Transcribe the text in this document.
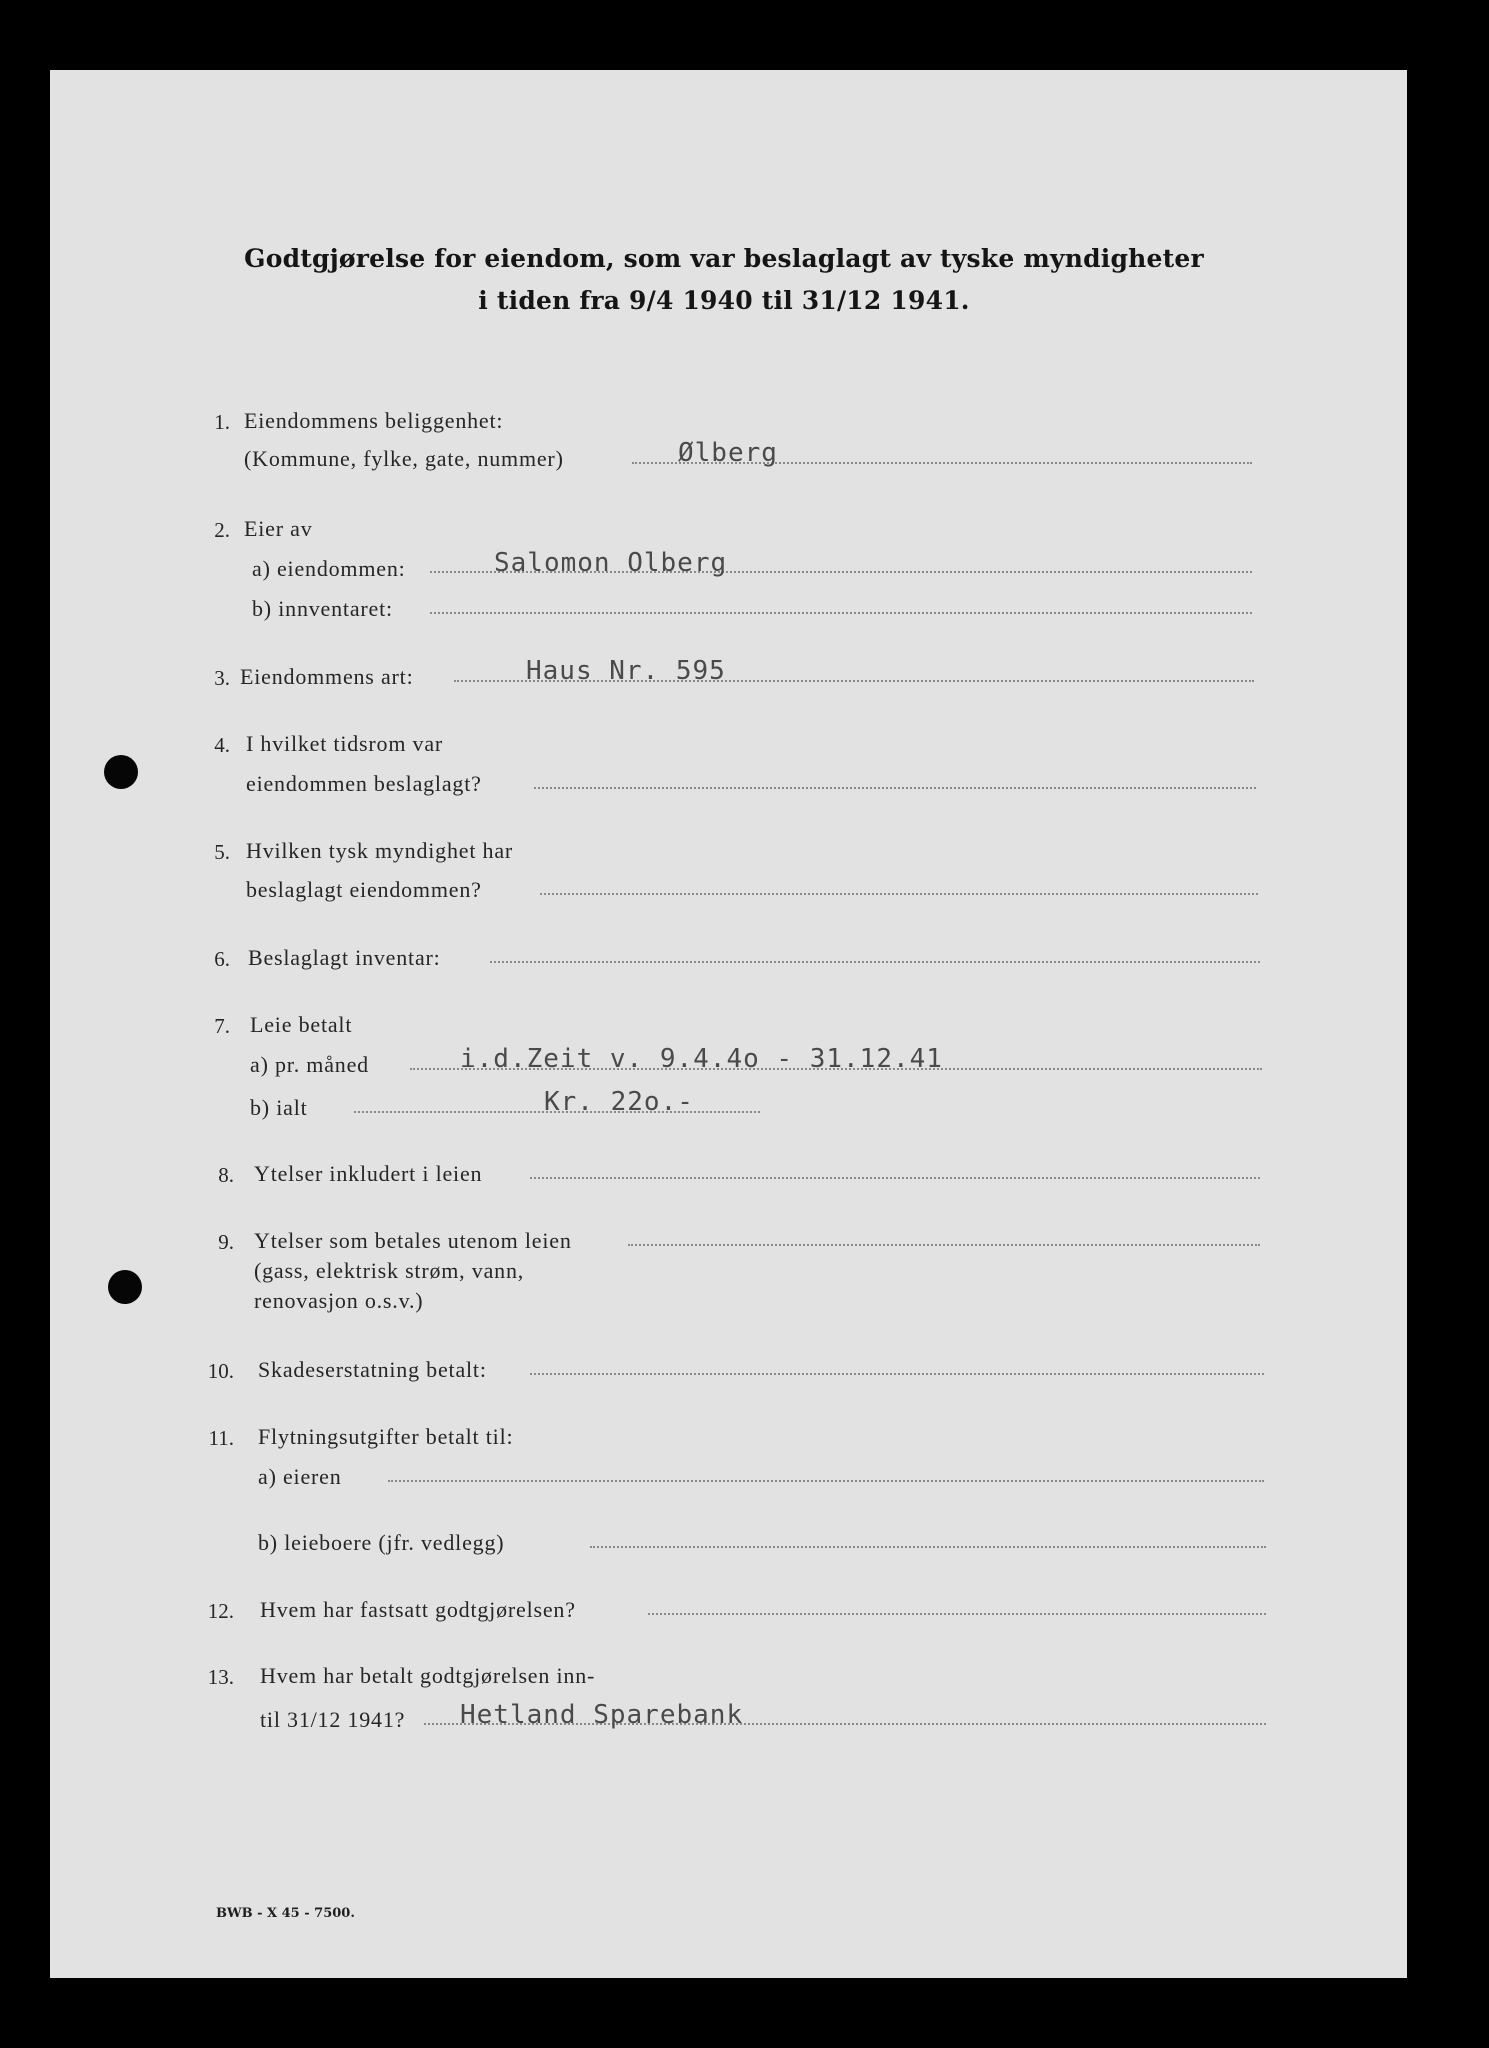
Godtgjørelse for eiendom, som var beslaglagt av tyske myndigheter
i tiden fra 9/4 1940 til 31/12 1941.
1. Eiendommens beliggenhet:
(Kommune, fylke, gate, nummer)	Ølberg
2. Eier av
a) eiendommen:	Salomon Olberg
b) innventaret:
3. Eiendommens art:	Haus Nr. 595
4. I hvilket tidsrom var
eiendommen beslaglagt?
5. Hvilken tysk myndighet har
beslaglagt eiendommen?
6. Beslaglagt inventar:
7. Leie betalt
a) pr. måned	i.d.Zeit v. 9.4.4o - 31.12.41
b) ialt	Kr. 22o.-
8. Ytelser inkludert i leien
9. Ytelser som betales utenom leien
(gass, elektrisk strøm, vann,
renovasjon o.s.v.)
10. Skadeserstatning betalt:
11. Flytningsutgifter betalt til:
a) eieren
b) leieboere (jfr. vedlegg)
12. Hvem har fastsatt godtgjørelsen?
13. Hvem har betalt godtgjørelsen inn-
til 31/12 1941? Hetland Sparebank
BWB - X 45 - 7500.
